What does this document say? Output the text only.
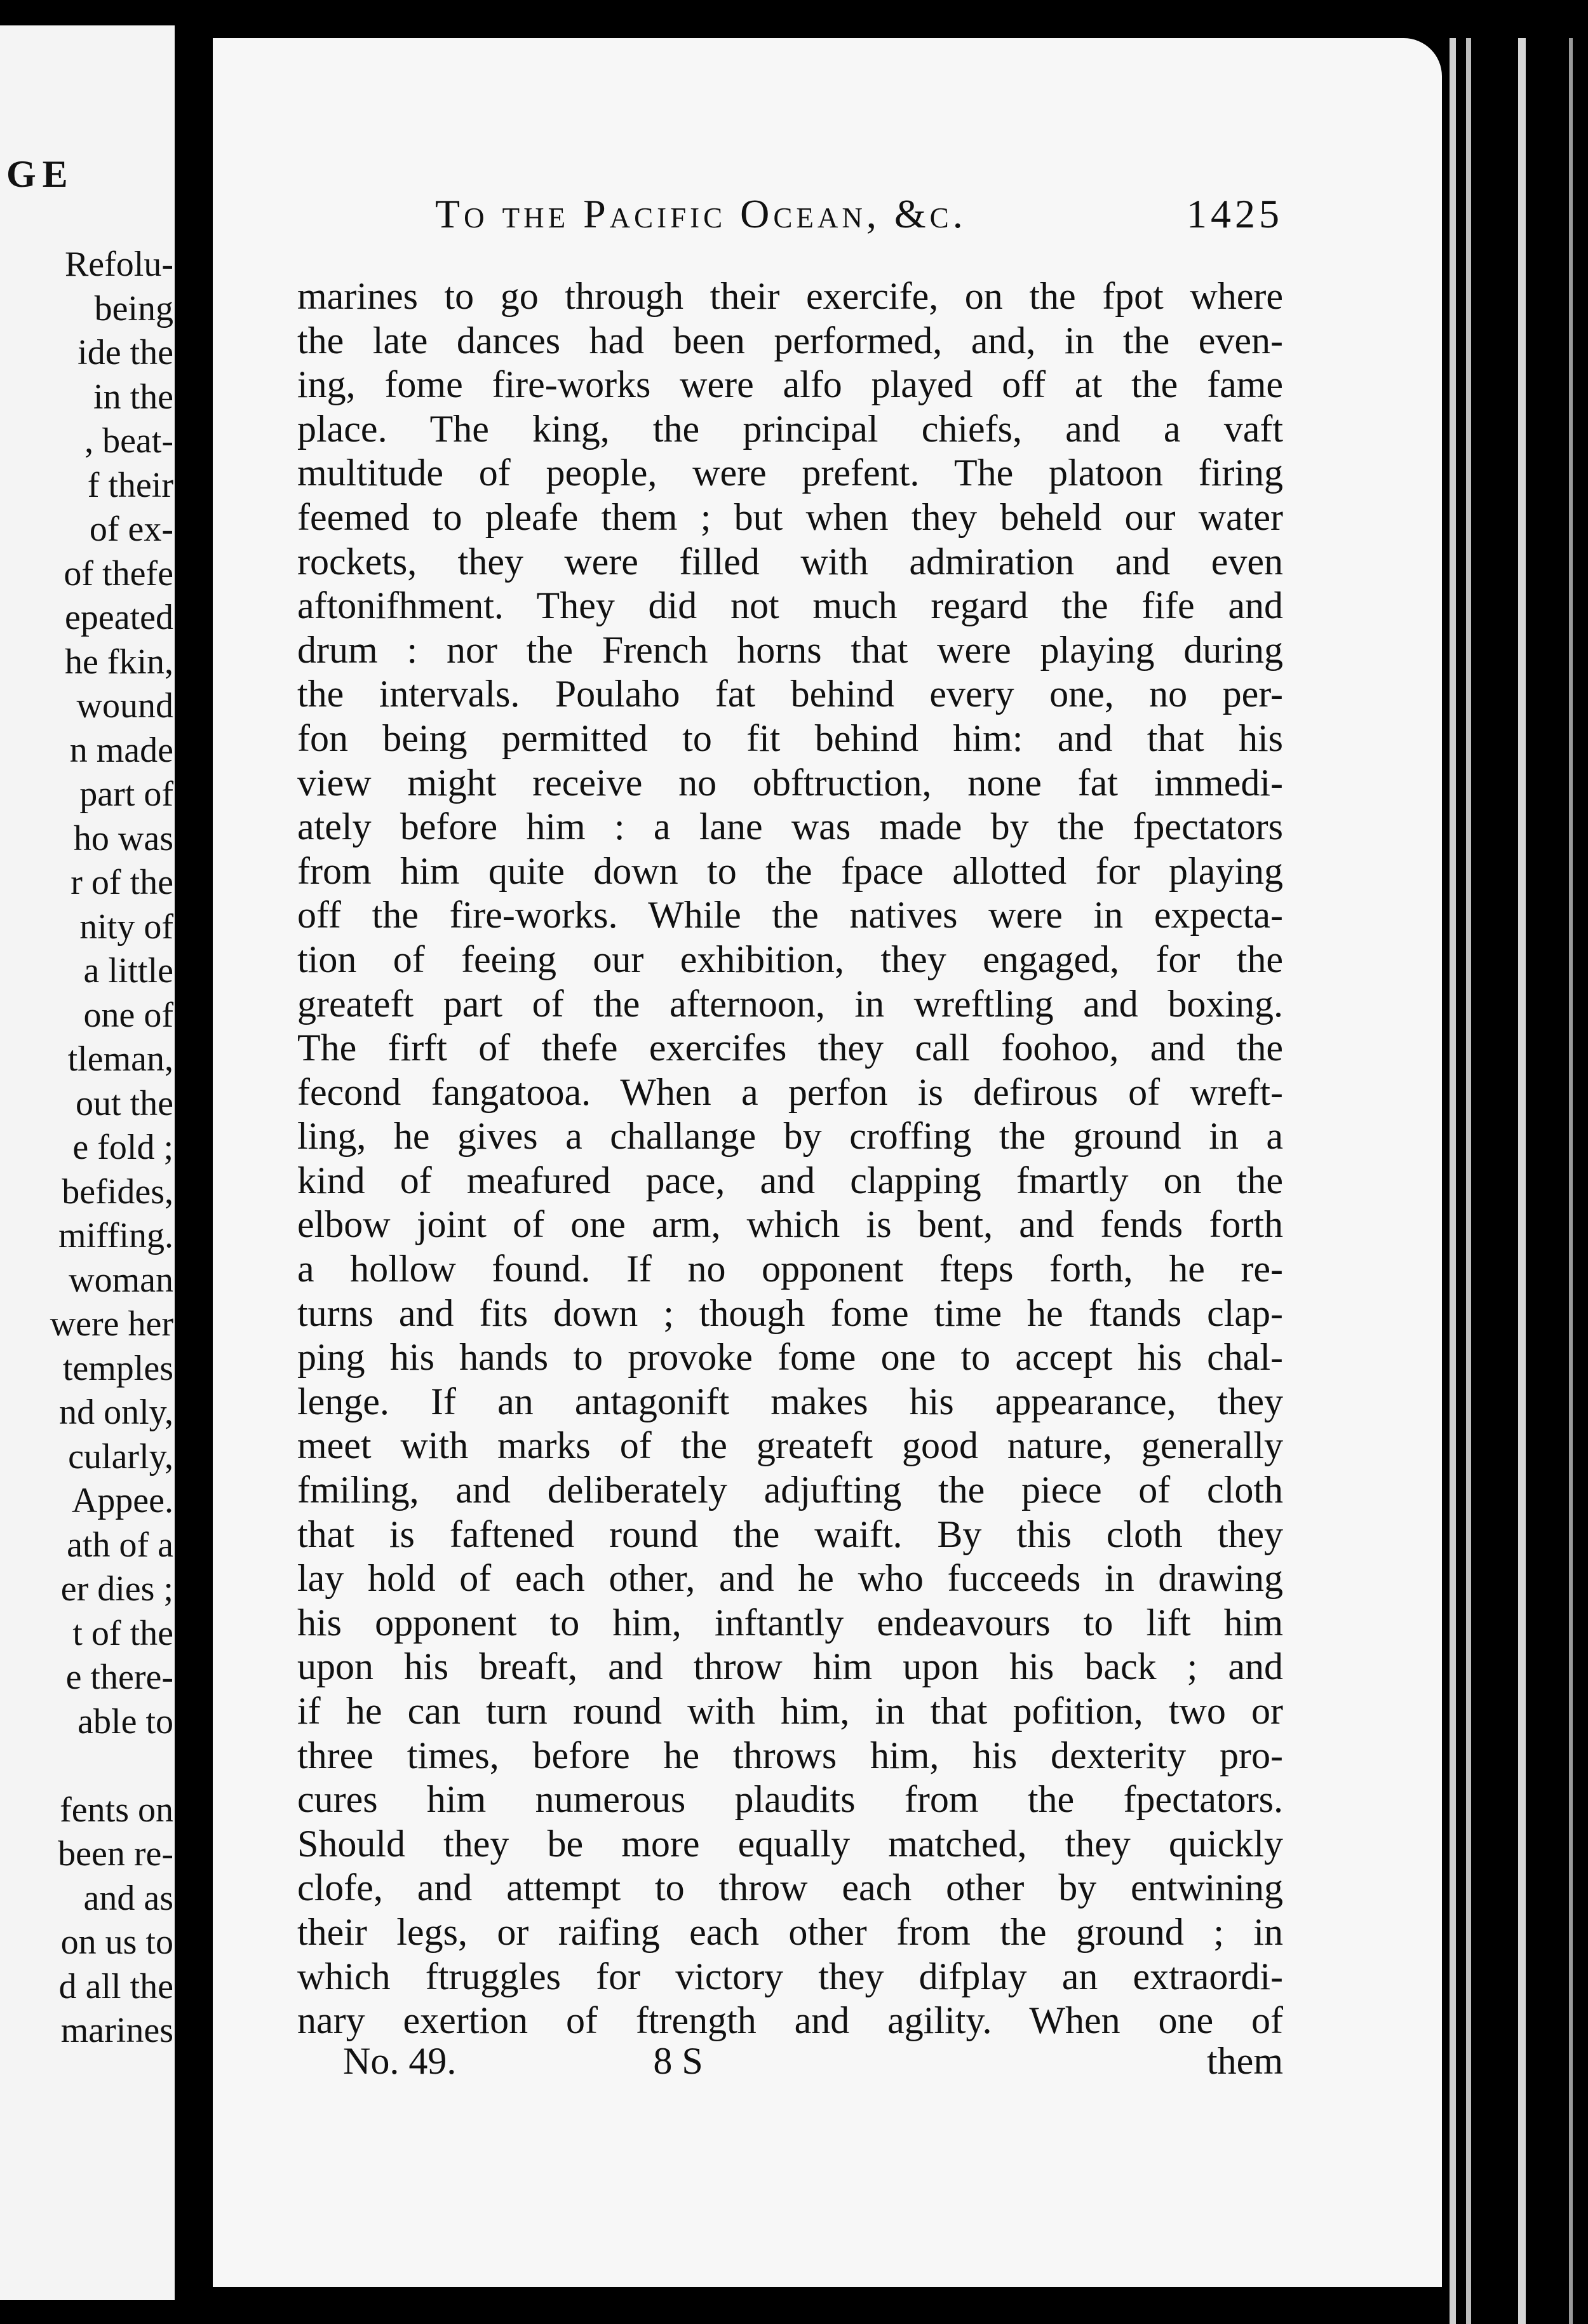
GE
Refolu-
being
ide the
in the
, beat-
f their
of ex-
of thefe
epeated
he fkin,
wound
n made
part of
ho was
r of the
nity of
a little
one of
tleman,
out the
e fold ;
befides,
miffing.
woman
were her
temples
nd only,
cularly,
Appee.
ath of a
er dies ;
t of the
e there-
able to
fents on
been re-
and as
on us to
d all the
marines
To the Pacific Ocean, &c.	1425
marines to go through their exercife, on the fpot where
the late dances had been performed, and, in the even-
ing, fome fire-works were alfo played off at the fame
place. The king, the principal chiefs, and a vaft
multitude of people, were prefent. The platoon firing
feemed to pleafe them ; but when they beheld our water
rockets, they were filled with admiration and even
aftonifhment. They did not much regard the fife and
drum : nor the French horns that were playing during
the intervals. Poulaho fat behind every one, no per-
fon being permitted to fit behind him: and that his
view might receive no obftruction, none fat immedi-
ately before him : a lane was made by the fpectators
from him quite down to the fpace allotted for playing
off the fire-works. While the natives were in expecta-
tion of feeing our exhibition, they engaged, for the
greateft part of the afternoon, in wreftling and boxing.
The firft of thefe exercifes they call foohoo, and the
fecond fangatooa. When a perfon is defirous of wreft-
ling, he gives a challange by croffing the ground in a
kind of meafured pace, and clapping fmartly on the
elbow joint of one arm, which is bent, and fends forth
a hollow found. If no opponent fteps forth, he re-
turns and fits down ; though fome time he ftands clap-
ping his hands to provoke fome one to accept his chal-
lenge. If an antagonift makes his appearance, they
meet with marks of the greateft good nature, generally
fmiling, and deliberately adjufting the piece of cloth
that is faftened round the waift. By this cloth they
lay hold of each other, and he who fucceeds in drawing
his opponent to him, inftantly endeavours to lift him
upon his breaft, and throw him upon his back ; and
if he can turn round with him, in that pofition, two or
three times, before he throws him, his dexterity pro-
cures him numerous plaudits from the fpectators.
Should they be more equally matched, they quickly
clofe, and attempt to throw each other by entwining
their legs, or raifing each other from the ground ; in
which ftruggles for victory they difplay an extraordi-
nary exertion of ftrength and agility. When one of
No. 49.	8 S	them
